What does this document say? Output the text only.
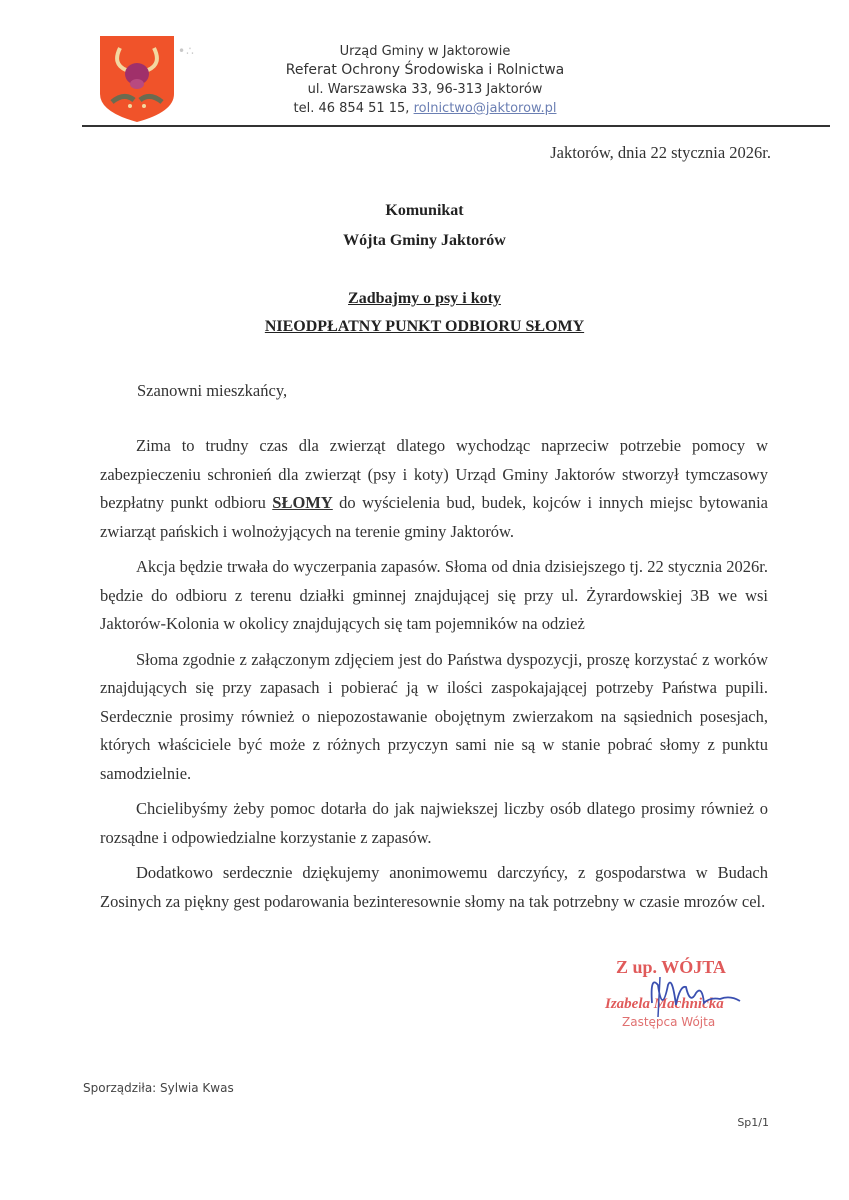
•∴	Urząd Gminy w Jaktorowie
Referat Ochrony Środowiska i Rolnictwa
ul. Warszawska 33, 96-313 Jaktorów
tel. 46 854 51 15, rolnictwo@jaktorow.pl
Jaktorów, dnia 22 stycznia 2026r.
Komunikat
Wójta Gminy Jaktorów
Zadbajmy o psy i koty
NIEODPŁATNY PUNKT ODBIORU SŁOMY
Szanowni mieszkańcy,

Zima to trudny czas dla zwierząt dlatego wychodząc naprzeciw potrzebie pomocy w zabezpieczeniu schronień dla zwierząt (psy i koty) Urząd Gminy Jaktorów stworzył tymczasowy bezpłatny punkt odbioru SŁOMY do wyścielenia bud, budek, kojców i innych miejsc bytowania zwiarząt pańskich i wolnożyjących na terenie gminy Jaktorów.

Akcja będzie trwała do wyczerpania zapasów. Słoma od dnia dzisiejszego tj. 22 stycznia 2026r. będzie do odbioru z terenu działki gminnej znajdującej się przy ul. Żyrardowskiej 3B we wsi Jaktorów-Kolonia w okolicy znajdujących się tam pojemników na odzież

Słoma zgodnie z załączonym zdjęciem jest do Państwa dyspozycji, proszę korzystać z worków znajdujących się przy zapasach i pobierać ją w ilości zaspokajającej potrzeby Państwa pupili. Serdecznie prosimy również o niepozostawanie obojętnym zwierzakom na sąsiednich posesjach, których właściciele być może z różnych przyczyn sami nie są w stanie pobrać słomy z punktu samodzielnie.

Chcielibyśmy żeby pomoc dotarła do jak najwiekszej liczby osób dlatego prosimy również o rozsądne i odpowiedzialne korzystanie z zapasów.

Dodatkowo serdecznie dziękujemy anonimowemu darczyńcy, z gospodarstwa w Budach Zosinych za piękny gest podarowania bezinteresownie słomy na tak potrzebny w czasie mrozów cel.

Z up. WÓJTA
Izabela Machnicka
Zastępca Wójta
Sporządziła: Sylwia Kwas
Sp1/1
